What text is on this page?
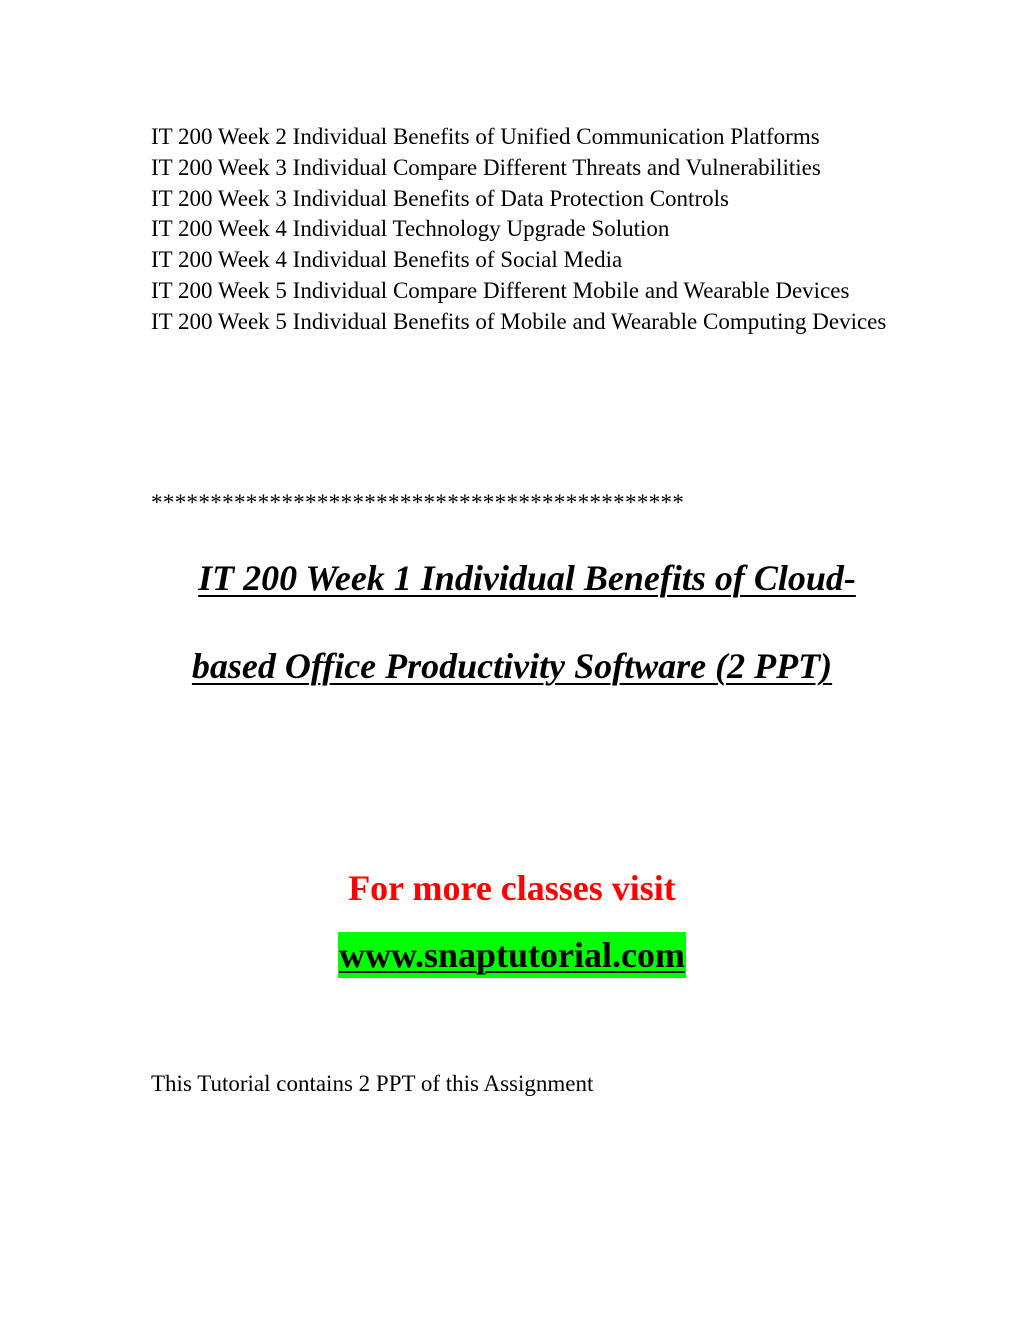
IT 200 Week 2 Individual Benefits of Unified Communication Platforms
IT 200 Week 3 Individual Compare Different Threats and Vulnerabilities
IT 200 Week 3 Individual Benefits of Data Protection Controls
IT 200 Week 4 Individual Technology Upgrade Solution
IT 200 Week 4 Individual Benefits of Social Media
IT 200 Week 5 Individual Compare Different Mobile and Wearable Devices
IT 200 Week 5 Individual Benefits of Mobile and Wearable Computing Devices
*********************************************
IT 200 Week 1 Individual Benefits of Cloud-
based Office Productivity Software (2 PPT)

For more classes visit

www.snaptutorial.com

This Tutorial contains 2 PPT of this Assignment
